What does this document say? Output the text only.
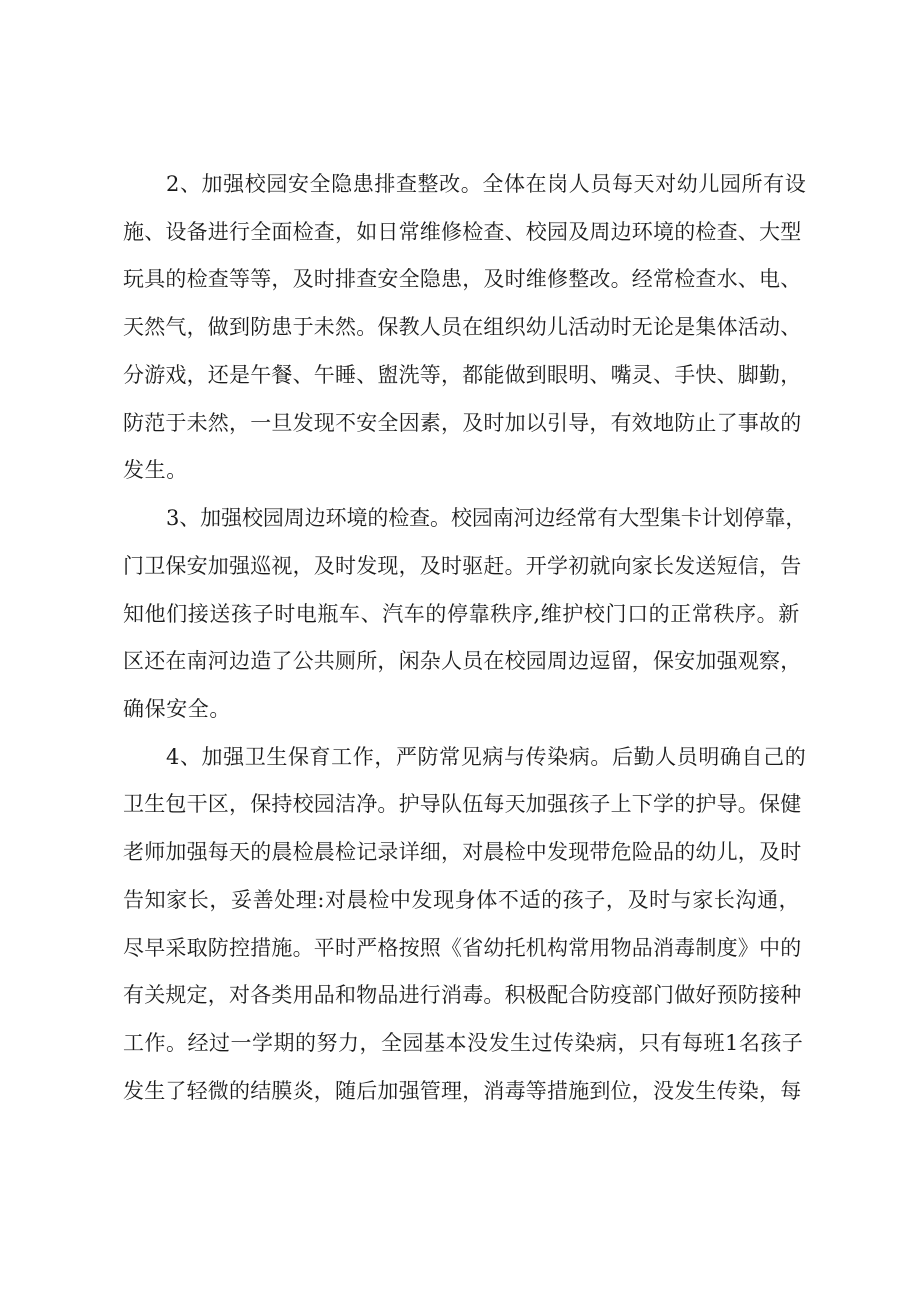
2、加强校园安全隐患排查整改。全体在岗人员每天对幼儿园所有设
施、设备进行全面检查，如日常维修检查、校园及周边环境的检查、大型
玩具的检查等等，及时排查安全隐患，及时维修整改。经常检查水、电、
天然气，做到防患于未然。保教人员在组织幼儿活动时无论是集体活动、
分游戏，还是午餐、午睡、盥洗等，都能做到眼明、嘴灵、手快、脚勤，
防范于未然，一旦发现不安全因素，及时加以引导，有效地防止了事故的
发生。
3、加强校园周边环境的检查。校园南河边经常有大型集卡计划停靠，
门卫保安加强巡视，及时发现，及时驱赶。开学初就向家长发送短信，告
知他们接送孩子时电瓶车、汽车的停靠秩序,维护校门口的正常秩序。新
区还在南河边造了公共厕所，闲杂人员在校园周边逗留，保安加强观察，
确保安全。
4、加强卫生保育工作，严防常见病与传染病。后勤人员明确自己的
卫生包干区，保持校园洁净。护导队伍每天加强孩子上下学的护导。保健
老师加强每天的晨检晨检记录详细，对晨检中发现带危险品的幼儿，及时
告知家长，妥善处理:对晨检中发现身体不适的孩子，及时与家长沟通，
尽早采取防控措施。平时严格按照《省幼托机构常用物品消毒制度》中的
有关规定，对各类用品和物品进行消毒。积极配合防疫部门做好预防接种
工作。经过一学期的努力，全园基本没发生过传染病，只有每班1名孩子
发生了轻微的结膜炎，随后加强管理，消毒等措施到位，没发生传染，每
